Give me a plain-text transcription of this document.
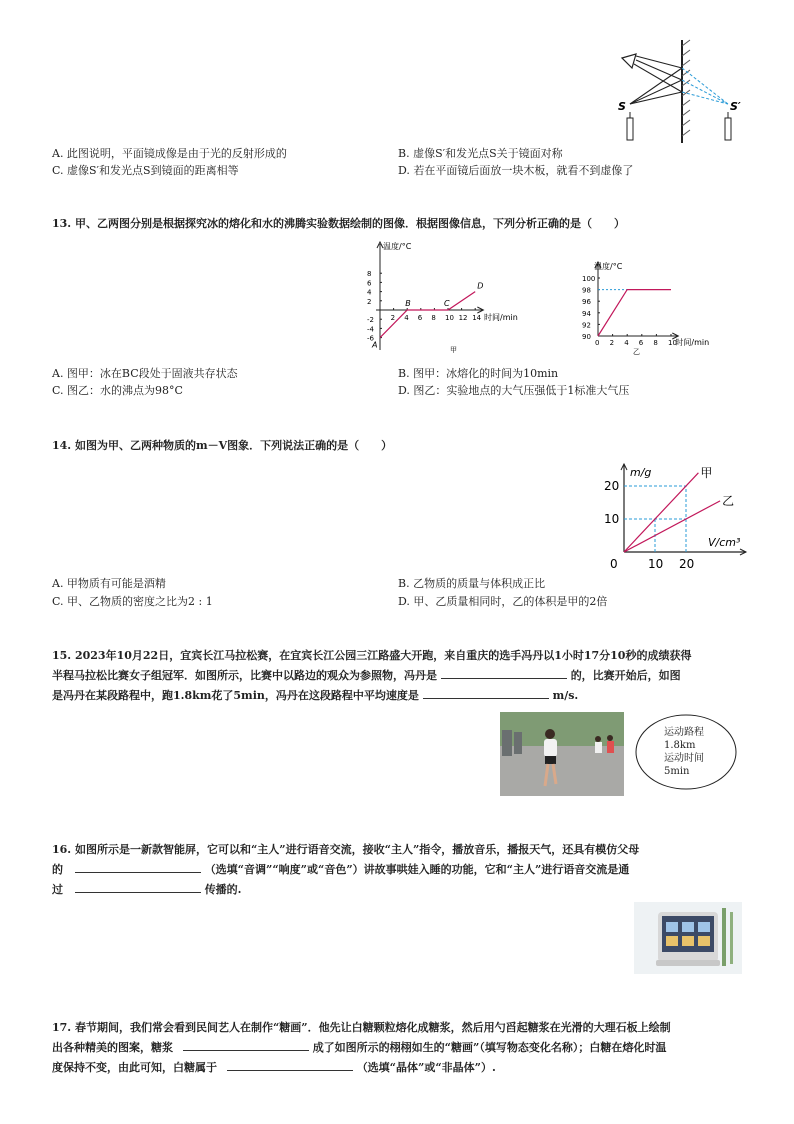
S	S′
A. 此图说明，平面镜成像是由于光的反射形成的	B. 虚像S′和发光点S关于镜面对称
C. 虚像S′和发光点S到镜面的距离相等	D. 若在平面镜后面放一块木板，就看不到虚像了
13. 甲、乙两图分别是根据探究冰的熔化和水的沸腾实验数据绘制的图像．根据图像信息，下列分析正确的是（　　）
温度/°C
时间/min
2 4 6 8 10 12 14
-6
-4
-2
2
4
6
8
A
B	C
D
甲
温度/°C
时间/min
0 2 4 6 8 10
90
92
94
96
98
100
乙
A. 图甲：冰在BC段处于固液共存状态	B. 图甲：冰熔化的时间为10min
C. 图乙：水的沸点为98°C	D. 图乙：实验地点的大气压强低于1标准大气压
14. 如图为甲、乙两种物质的m－V图象．下列说法正确的是（　　）
m/g
V/cm³
0	10 20
10
20
甲
乙
A. 甲物质有可能是酒精	B. 乙物质的质量与体积成正比
C. 甲、乙物质的密度之比为2 : 1	D. 甲、乙质量相同时，乙的体积是甲的2倍
15. 2023年10月22日，宜宾长江马拉松赛，在宜宾长江公园三江路盛大开跑，来自重庆的选手冯丹以1小时17分10秒的成绩获得
半程马拉松比赛女子组冠军．如图所示，比赛中以路边的观众为参照物，冯丹是	的，比赛开始后，如图
是冯丹在某段路程中，跑1.8km花了5min，冯丹在这段路程中平均速度是	m/s.
运动路程
1.8km
运动时间
5min
16. 如图所示是一新款智能屏，它可以和“主人”进行语音交流，接收“主人”指令，播放音乐，播报天气，还具有模仿父母
的	（选填“音调”“响度”或“音色”）讲故事哄娃入睡的功能，它和“主人”进行语音交流是通
过	传播的.
17. 春节期间，我们常会看到民间艺人在制作“糖画”．他先让白糖颗粒熔化成糖浆，然后用勺舀起糖浆在光滑的大理石板上绘制
出各种精美的图案，糖浆	成了如图所示的栩栩如生的“糖画”（填写物态变化名称）；白糖在熔化时温
度保持不变，由此可知，白糖属于	（选填“晶体”或“非晶体”）.
